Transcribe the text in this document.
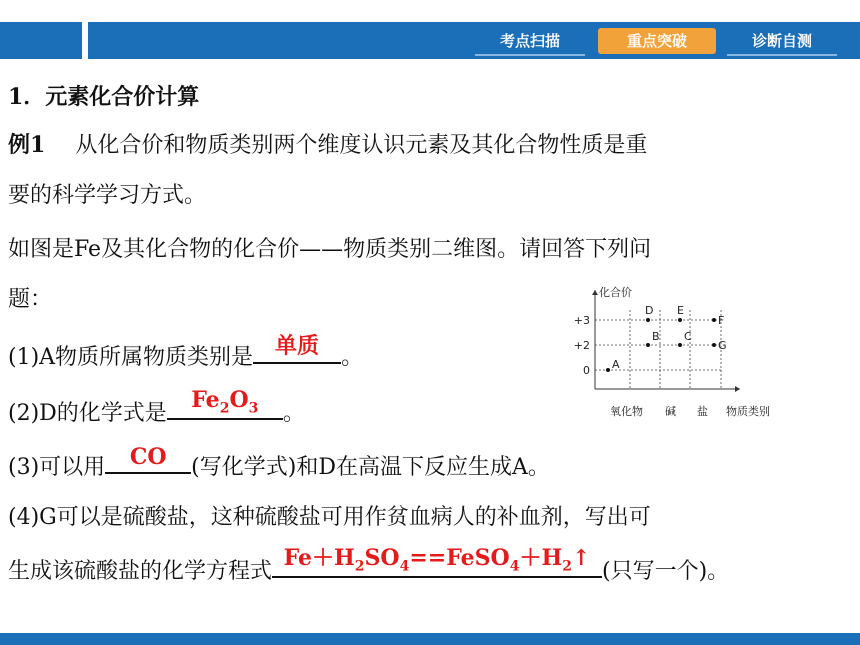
考点扫描	重点突破	诊断自测
1．元素化合价计算
例1 从化合价和物质类别两个维度认识元素及其化合物性质是重
要的科学学习方式。
如图是Fe及其化合物的化合价——物质类别二维图。请回答下列问
题：
(1)A物质所属物质类别是 单质	。
(2)D的化学式是
$Fe_2O_3$	。
(3)可以用	CO	(写化学式)和D在高温下反应生成A。
(4)G可以是硫酸盐，这种硫酸盐可用作贫血病人的补血剂，写出可
生成该硫酸盐的化学方程式
$Fe+H_2SO_4==FeSO_4+H_2↑$
(只写一个)。
化合价
+3
+2
0
氧化物 碱 盐 物质类别
A
D
B
E
C
F
G
